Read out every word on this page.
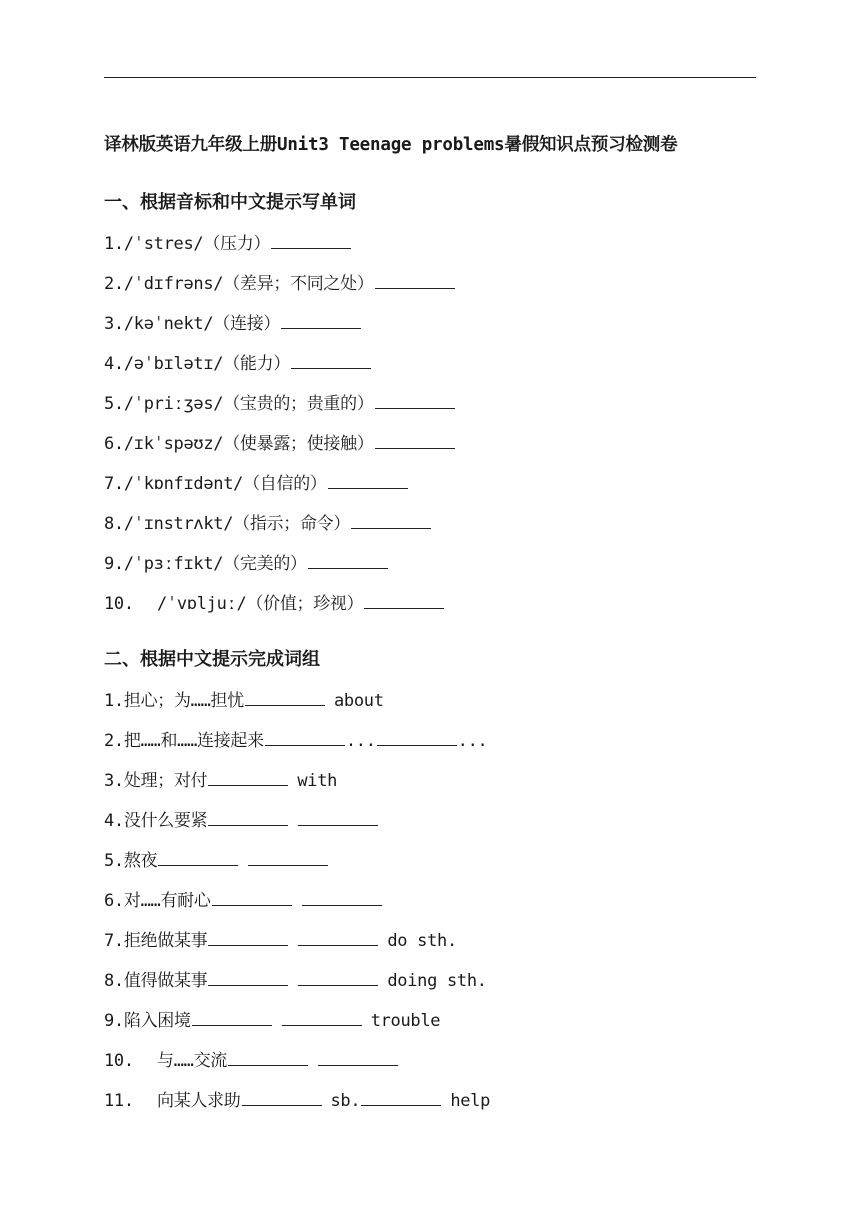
译林版英语九年级上册Unit3 Teenage problems暑假知识点预习检测卷
一、根据音标和中文提示写单词
1./ˈstres/（压力）
2./ˈdɪfrəns/（差异；不同之处）
3./kəˈnekt/（连接）
4./əˈbɪlətɪ/（能力）
5./ˈpriːʒəs/（宝贵的；贵重的）
6./ɪkˈspəʊz/（使暴露；使接触）
7./ˈkɒnfɪdənt/（自信的）
8./ˈɪnstrʌkt/（指示；命令）
9./ˈpɜːfɪkt/（完美的）
10. /ˈvɒljuː/（价值；珍视）
二、根据中文提示完成词组
1.担心；为……担忧	about
2.把……和……连接起来	...	...
3.处理；对付	with
4.没什么要紧
5.熬夜
6.对……有耐心
7.拒绝做某事	do sth.
8.值得做某事	doing sth.
9.陷入困境	trouble
10. 与……交流
11. 向某人求助	sb.	help
